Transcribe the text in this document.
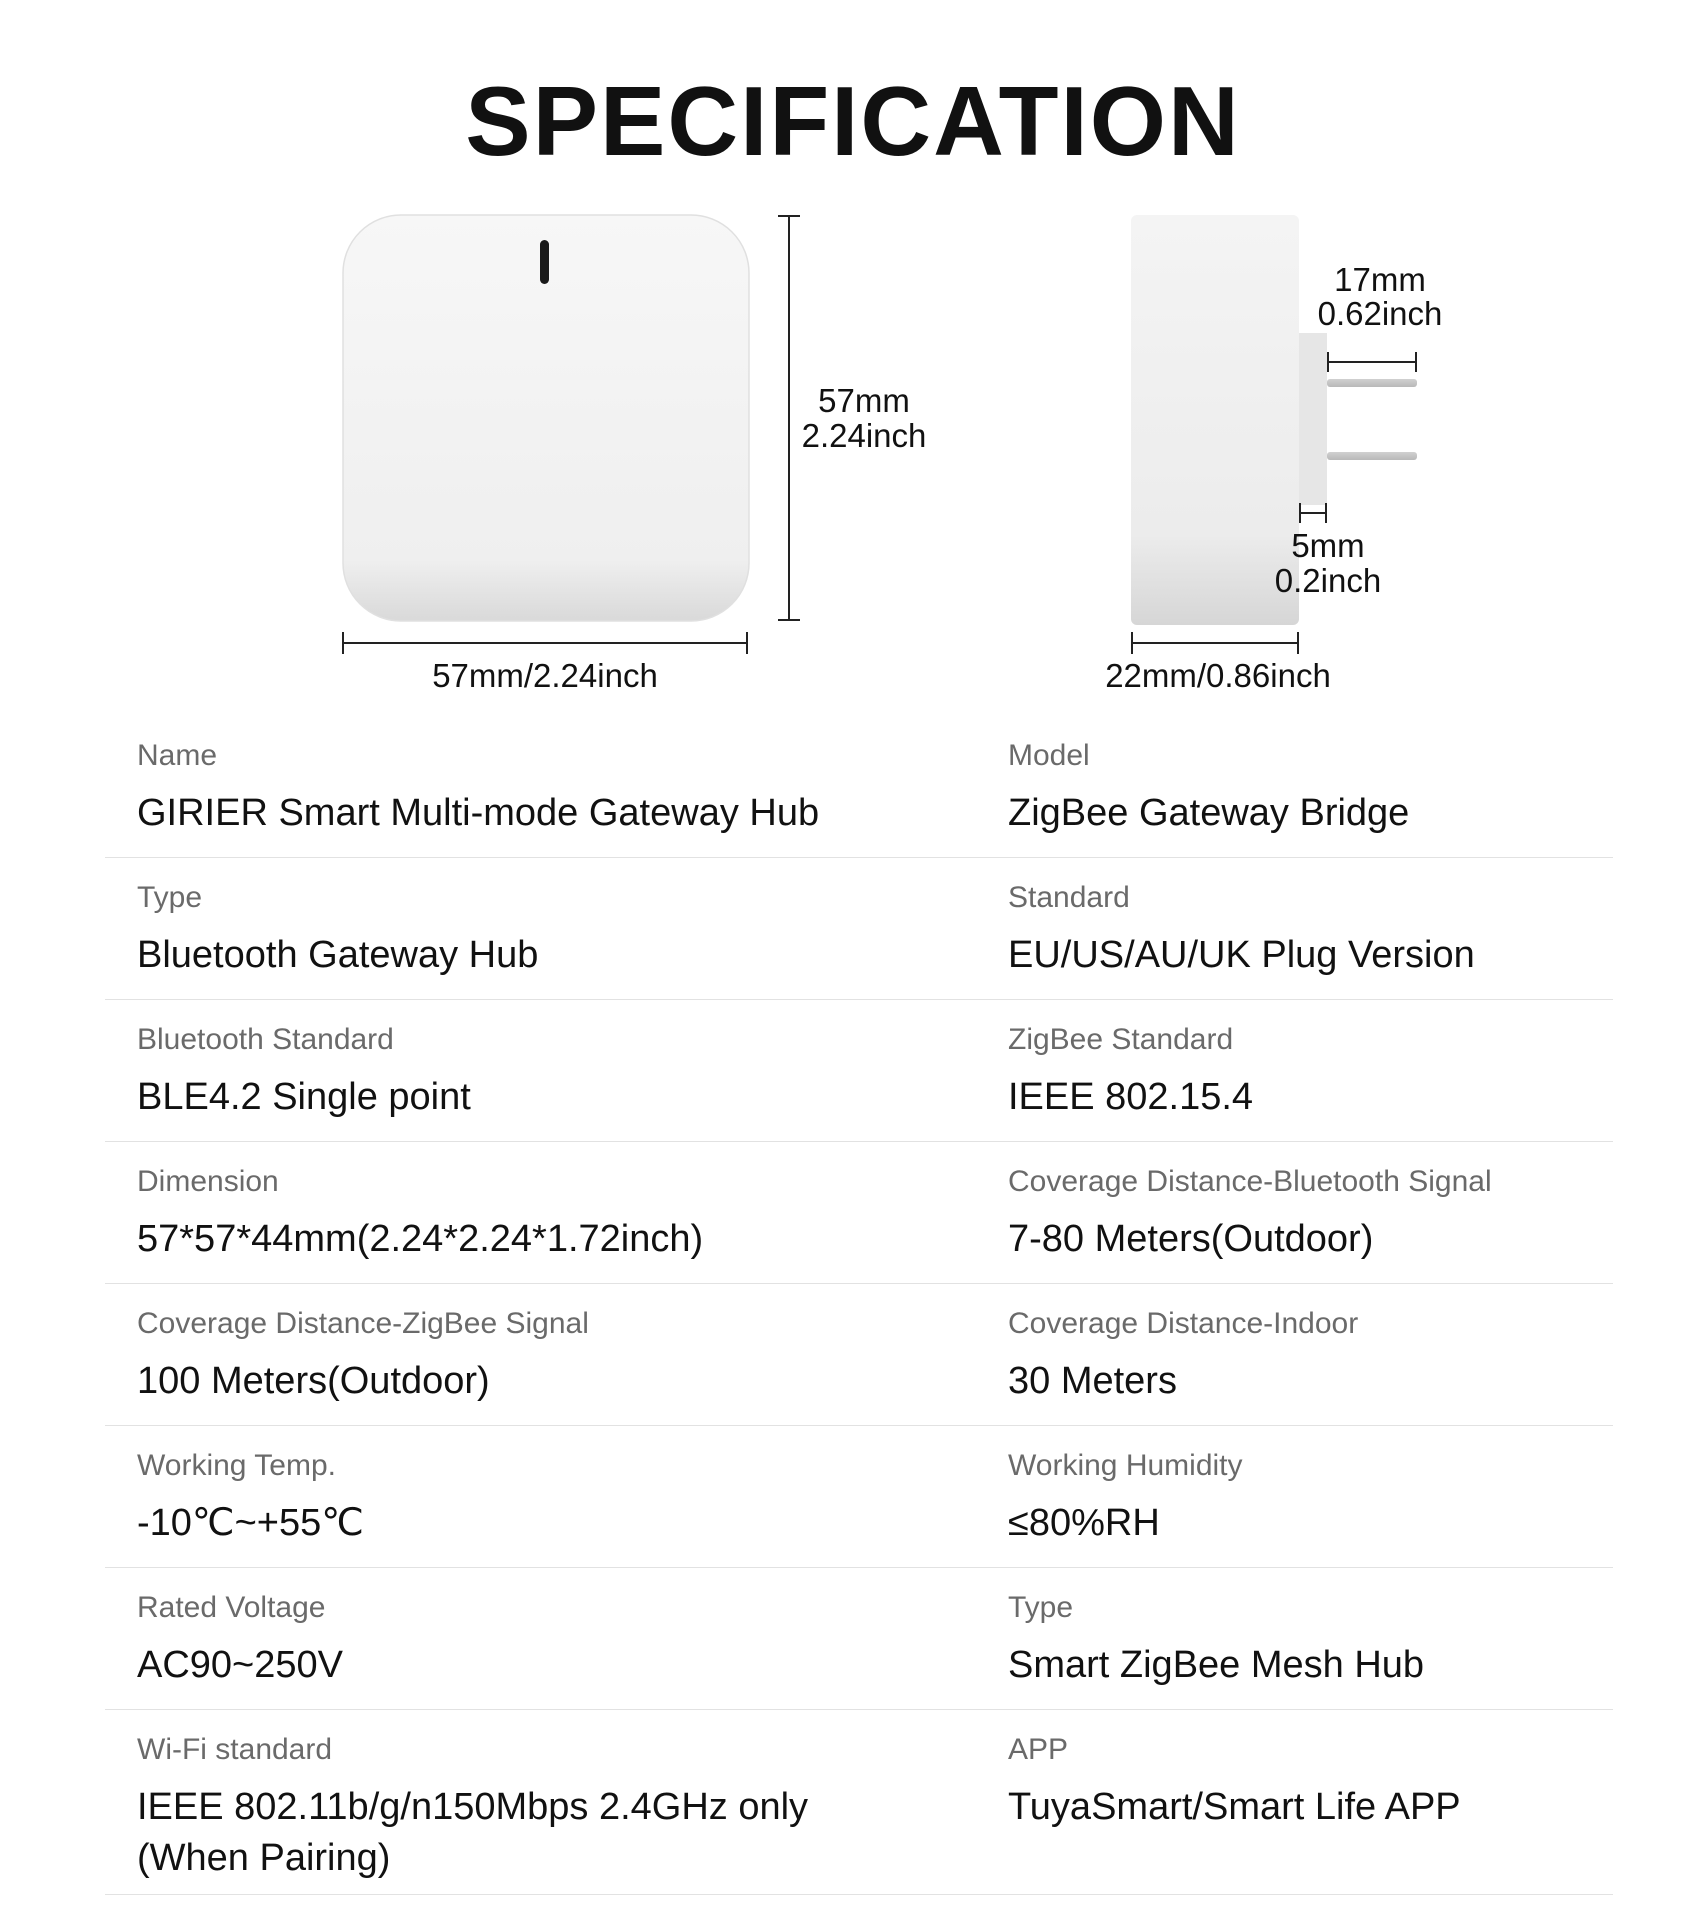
SPECIFICATION
57mm
2.24inch
57mm/2.24inch
17mm
0.62inch
5mm
0.2inch
22mm/0.86inch
Name
GIRIER Smart Multi-mode Gateway Hub
Model
ZigBee Gateway Bridge
Type
Bluetooth Gateway Hub
Standard
EU/US/AU/UK Plug Version
Bluetooth Standard
BLE4.2 Single point
ZigBee Standard
IEEE 802.15.4
Dimension
57*57*44mm(2.24*2.24*1.72inch)
Coverage Distance-Bluetooth Signal
7-80 Meters(Outdoor)
Coverage Distance-ZigBee Signal
100 Meters(Outdoor)
Coverage Distance-Indoor
30 Meters
Working Temp.
-10℃~+55℃
Working Humidity
≤80%RH
Rated Voltage
AC90~250V
Type
Smart ZigBee Mesh Hub
Wi-Fi standard
IEEE 802.11b/g/n150Mbps 2.4GHz only
(When Pairing)
APP
TuyaSmart/Smart Life APP
